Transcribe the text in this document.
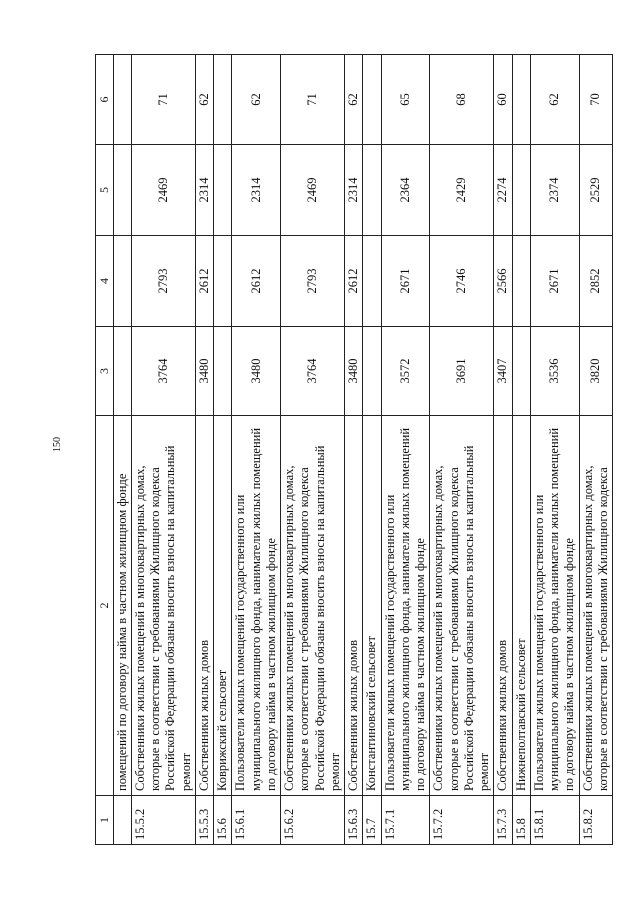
150
1	2	3	4	5	6
	помещений по договору найма в частном жилищном фонде				
15.5.2	Собственники жилых помещений в многоквартирных домах, которые в соответствии с требованиями Жилищного кодекса Российской Федерации обязаны вносить взносы на капитальный ремонт	3764	2793	2469	71
15.5.3	Собственники жилых домов	3480	2612	2314	62
15.6	Коврижский сельсовет				
15.6.1	Пользователи жилых помещений государственного или муниципального жилищного фонда, наниматели жилых помещений по договору найма в частном жилищном фонде	3480	2612	2314	62
15.6.2	Собственники жилых помещений в многоквартирных домах, которые в соответствии с требованиями Жилищного кодекса Российской Федерации обязаны вносить взносы на капитальный ремонт	3764	2793	2469	71
15.6.3	Собственники жилых домов	3480	2612	2314	62
15.7	Константиновский сельсовет				
15.7.1	Пользователи жилых помещений государственного или муниципального жилищного фонда, наниматели жилых помещений по договору найма в частном жилищном фонде	3572	2671	2364	65
15.7.2	Собственники жилых помещений в многоквартирных домах, которые в соответствии с требованиями Жилищного кодекса Российской Федерации обязаны вносить взносы на капитальный ремонт	3691	2746	2429	68
15.7.3	Собственники жилых домов	3407	2566	2274	60
15.8	Нижнеполтавский сельсовет				
15.8.1	Пользователи жилых помещений государственного или муниципального жилищного фонда, наниматели жилых помещений по договору найма в частном жилищном фонде	3536	2671	2374	62
15.8.2	Собственники жилых помещений в многоквартирных домах, которые в соответствии с требованиями Жилищного кодекса	3820	2852	2529	70
